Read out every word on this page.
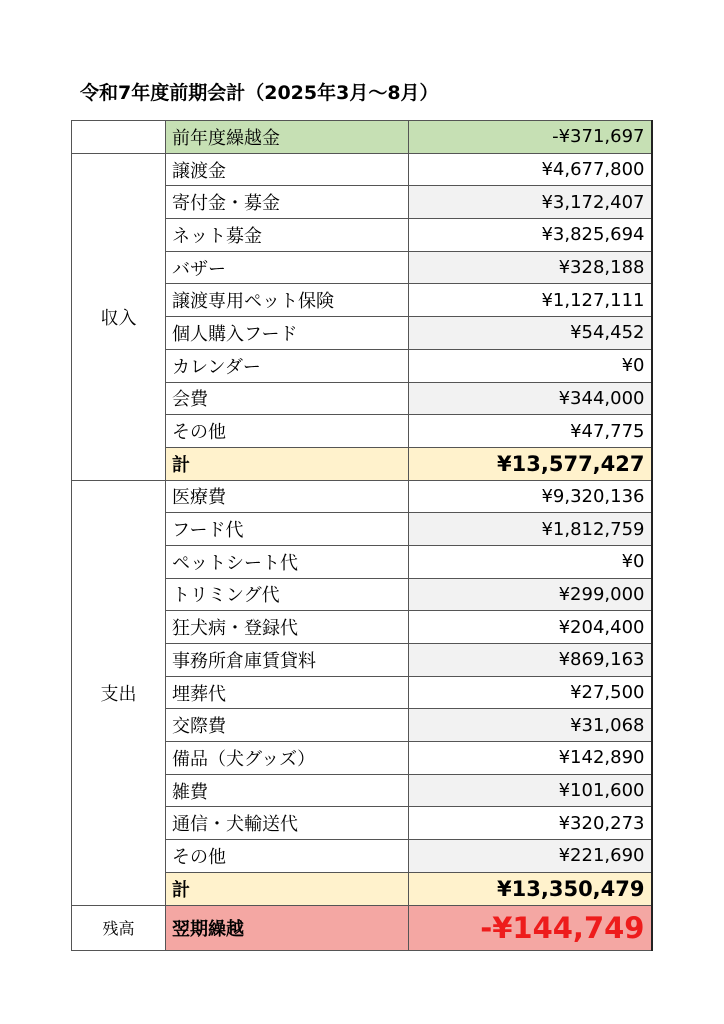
令和7年度前期会計（2025年3月～8月）
	前年度繰越金	-¥371,697
収入	譲渡金	¥4,677,800
	寄付金・募金	¥3,172,407
	ネット募金	¥3,825,694
	バザー	¥328,188
	譲渡専用ペット保険	¥1,127,111
	個人購入フード	¥54,452
	カレンダー	¥0
	会費	¥344,000
	その他	¥47,775
	計	¥13,577,427
支出	医療費	¥9,320,136
	フード代	¥1,812,759
	ペットシート代	¥0
	トリミング代	¥299,000
	狂犬病・登録代	¥204,400
	事務所倉庫賃貸料	¥869,163
	埋葬代	¥27,500
	交際費	¥31,068
	備品（犬グッズ）	¥142,890
	雑費	¥101,600
	通信・犬輸送代	¥320,273
	その他	¥221,690
	計	¥13,350,479
残高	翌期繰越	-¥144,749
